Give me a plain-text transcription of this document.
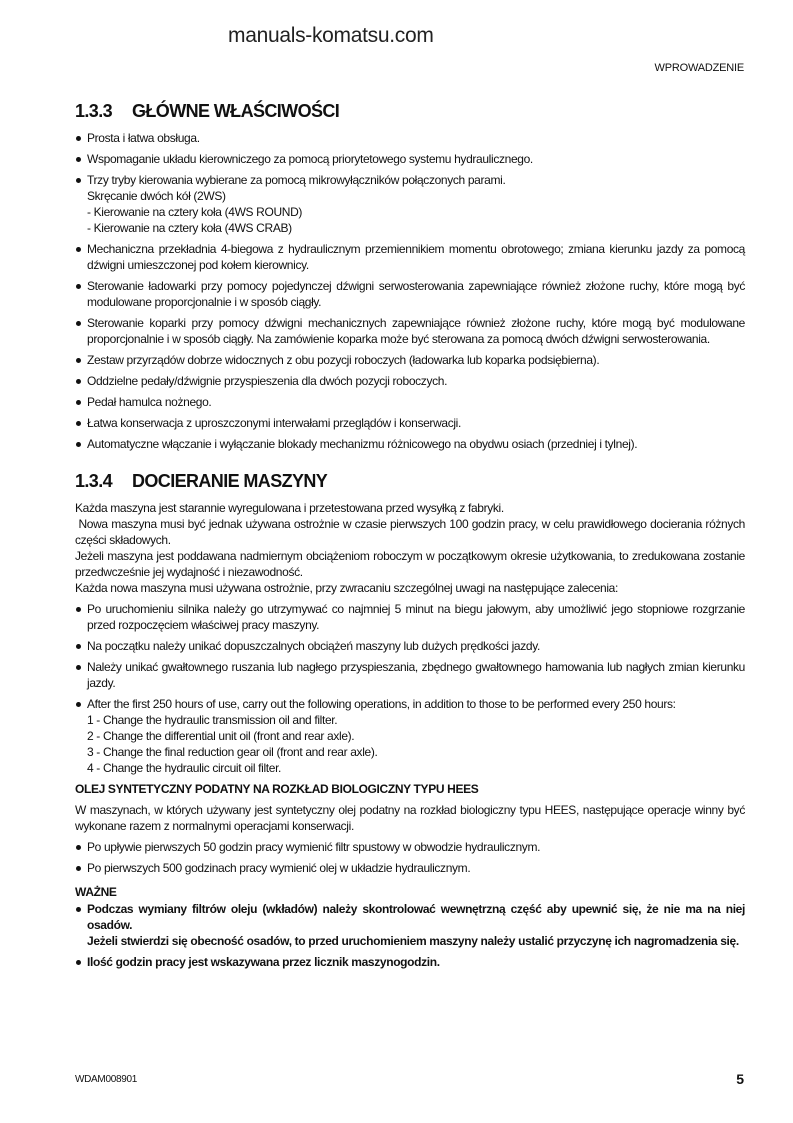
manuals-komatsu.com
WPROWADZENIE
1.3.3 GŁÓWNE WŁAŚCIWOŚCI
Prosta i łatwa obsługa.
Wspomaganie układu kierowniczego za pomocą priorytetowego systemu hydraulicznego.
Trzy tryby kierowania wybierane za pomocą mikrowyłączników połączonych parami.
Skręcanie dwóch kół (2WS)
- Kierowanie na cztery koła (4WS ROUND)
- Kierowanie na cztery koła (4WS CRAB)
Mechaniczna przekładnia 4-biegowa z hydraulicznym przemiennikiem momentu obrotowego; zmiana kierunku jazdy za pomocą dźwigni umieszczonej pod kołem kierownicy.
Sterowanie ładowarki przy pomocy pojedynczej dźwigni serwosterowania zapewniające również złożone ruchy, które mogą być modulowane proporcjonalnie i w sposób ciągły.
Sterowanie koparki przy pomocy dźwigni mechanicznych zapewniające również złożone ruchy, które mogą być modulowane proporcjonalnie i w sposób ciągły. Na zamówienie koparka może być sterowana za pomocą dwóch dźwigni serwosterowania.
Zestaw przyrządów dobrze widocznych z obu pozycji roboczych (ładowarka lub koparka podsiębierna).
Oddzielne pedały/dźwignie przyspieszenia dla dwóch pozycji roboczych.
Pedał hamulca nożnego.
Łatwa konserwacja z uproszczonymi interwałami przeglądów i konserwacji.
Automatyczne włączanie i wyłączanie blokady mechanizmu różnicowego na obydwu osiach (przedniej i tylnej).
1.3.4 DOCIERANIE MASZYNY

Każda maszyna jest starannie wyregulowana i przetestowana przed wysyłką z fabryki.

Nowa maszyna musi być jednak używana ostrożnie w czasie pierwszych 100 godzin pracy, w celu prawidłowego docierania różnych części składowych.

Jeżeli maszyna jest poddawana nadmiernym obciążeniom roboczym w początkowym okresie użytkowania, to zredukowana zostanie przedwcześnie jej wydajność i niezawodność.

Każda nowa maszyna musi używana ostrożnie, przy zwracaniu szczególnej uwagi na następujące zalecenia:

Po uruchomieniu silnika należy go utrzymywać co najmniej 5 minut na biegu jałowym, aby umożliwić jego stopniowe rozgrzanie przed rozpoczęciem właściwej pracy maszyny.
Na początku należy unikać dopuszczalnych obciążeń maszyny lub dużych prędkości jazdy.
Należy unikać gwałtownego ruszania lub nagłego przyspieszania, zbędnego gwałtownego hamowania lub nagłych zmian kierunku jazdy.
After the first 250 hours of use, carry out the following operations, in addition to those to be performed every 250 hours:
1 - Change the hydraulic transmission oil and filter.
2 - Change the differential unit oil (front and rear axle).
3 - Change the final reduction gear oil (front and rear axle).
4 - Change the hydraulic circuit oil filter.
OLEJ SYNTETYCZNY PODATNY NA ROZKŁAD BIOLOGICZNY TYPU HEES

W maszynach, w których używany jest syntetyczny olej podatny na rozkład biologiczny typu HEES, następujące operacje winny być wykonane razem z normalnymi operacjami konserwacji.

Po upływie pierwszych 50 godzin pracy wymienić filtr spustowy w obwodzie hydraulicznym.
Po pierwszych 500 godzinach pracy wymienić olej w układzie hydraulicznym.
WAŻNE
Podczas wymiany filtrów oleju (wkładów) należy skontrolować wewnętrzną część aby upewnić się, że nie ma na niej osadów.
Jeżeli stwierdzi się obecność osadów, to przed uruchomieniem maszyny należy ustalić przyczynę ich nagromadzenia się.
Ilość godzin pracy jest wskazywana przez licznik maszynogodzin.
WDAM008901	5
